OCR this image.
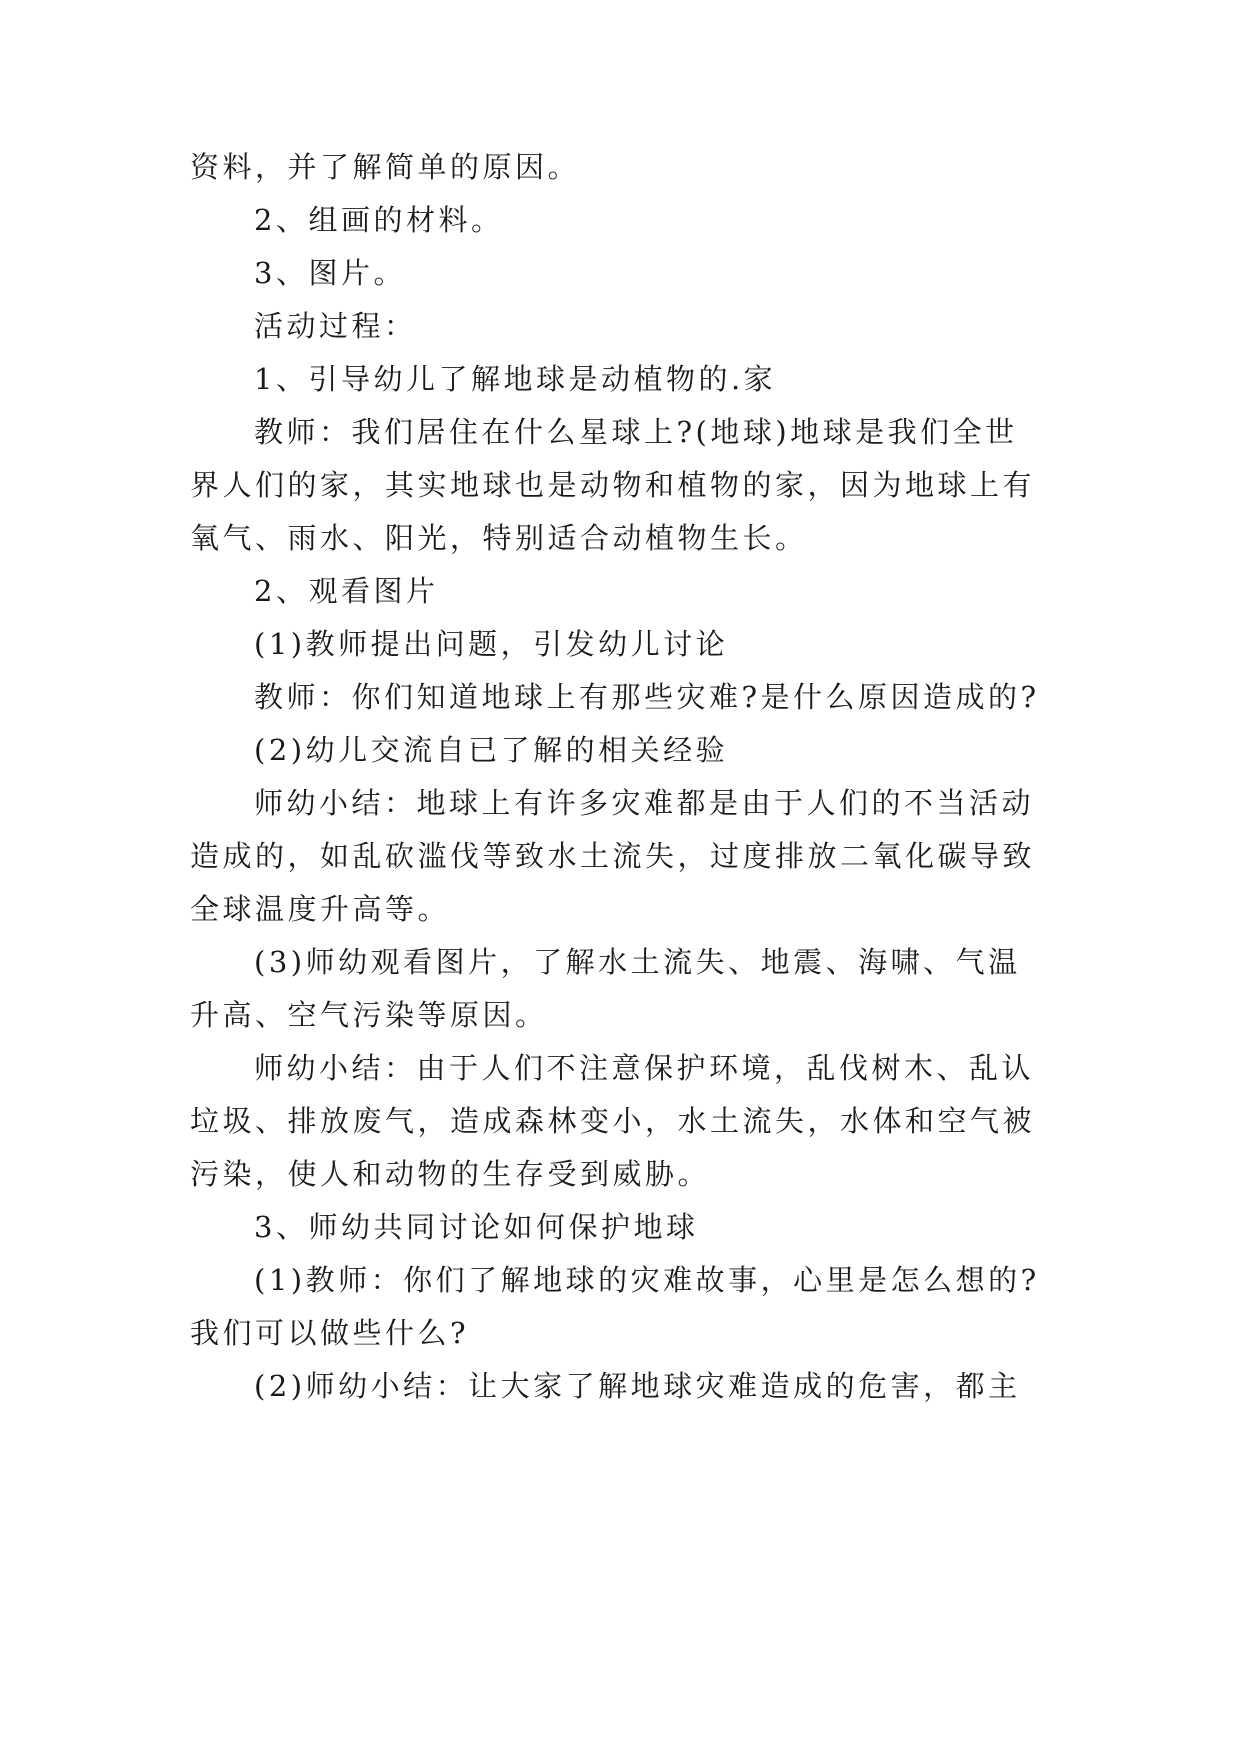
资料，并了解简单的原因。
2、组画的材料。
3、图片。
活动过程：
1、引导幼儿了解地球是动植物的.家
教师：我们居住在什么星球上?(地球)地球是我们全世
界人们的家，其实地球也是动物和植物的家，因为地球上有
氧气、雨水、阳光，特别适合动植物生长。
2、观看图片
(1)教师提出问题，引发幼儿讨论
教师：你们知道地球上有那些灾难?是什么原因造成的?
(2)幼儿交流自已了解的相关经验
师幼小结：地球上有许多灾难都是由于人们的不当活动
造成的，如乱砍滥伐等致水土流失，过度排放二氧化碳导致
全球温度升高等。
(3)师幼观看图片，了解水土流失、地震、海啸、气温
升高、空气污染等原因。
师幼小结：由于人们不注意保护环境，乱伐树木、乱认
垃圾、排放废气，造成森林变小，水土流失，水体和空气被
污染，使人和动物的生存受到威胁。
3、师幼共同讨论如何保护地球
(1)教师：你们了解地球的灾难故事，心里是怎么想的?
我们可以做些什么?
(2)师幼小结：让大家了解地球灾难造成的危害，都主
